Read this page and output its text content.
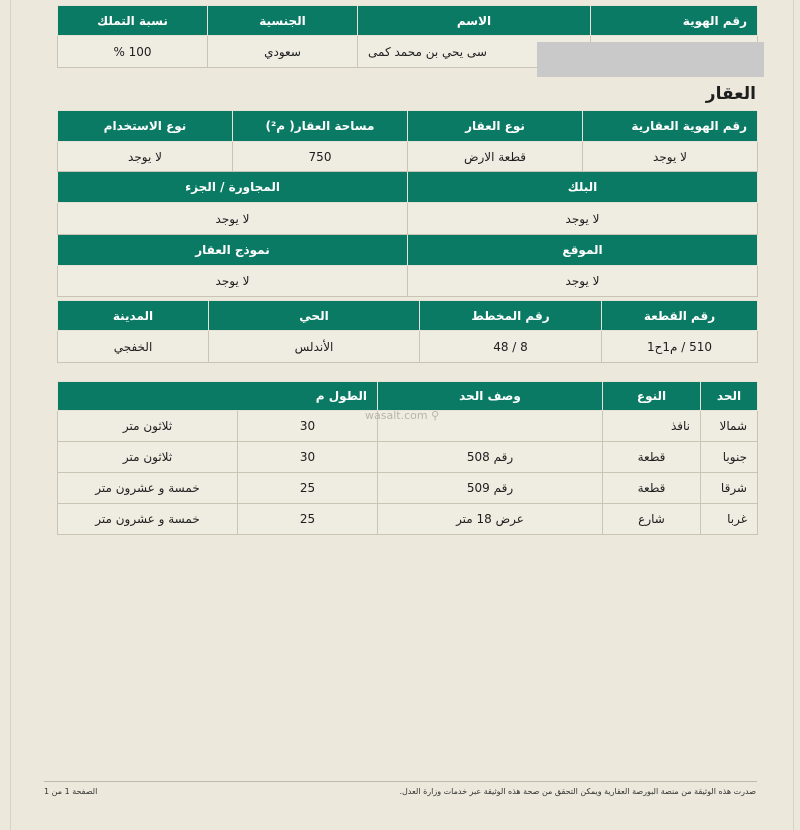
رقم الهوية	الاسم	الجنسية	نسبة التملك
	سى يحي بن محمد كمى	سعودي	100 %
العقار
رقم الهوية العقارية	نوع العقار	مساحة العقار( م²)	نوع الاستخدام
لا يوجد	قطعة الارض	750	لا يوجد
البلك		المجاورة / الجزء	
لا يوجد		لا يوجد	
الموقع		نموذج العقار	
لا يوجد		لا يوجد	
رقم القطعة	رقم المخطط	الحي	المدينة
510 / م1ح1	8 / 48	الأندلس	الخفجي
الحد	النوع	وصف الحد	الطول م	
شمالا	نافذ		30	ثلاثون متر
جنوبا	قطعة	رقم 508	30	ثلاثون متر
شرقا	قطعة	رقم 509	25	خمسة و عشرون متر
غربا	شارع	عرض 18 متر	25	خمسة و عشرون متر
wasalt.com ⚲
صدرت هذه الوثيقة من منصة البورصة العقارية ويمكن التحقق من صحة هذه الوثيقة عبر خدمات وزارة العدل.
الصفحة 1 من 1
